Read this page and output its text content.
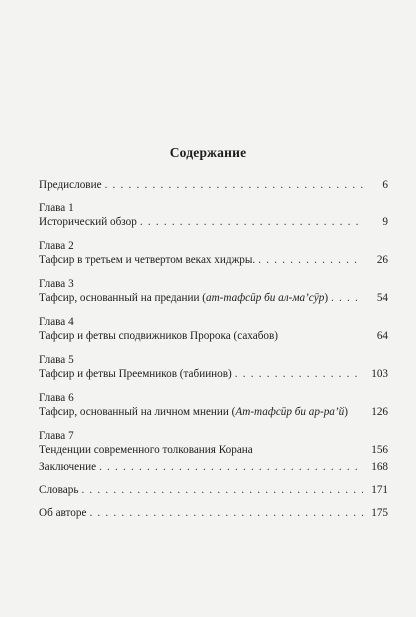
Содержание
Предисловие . . .	6
Глава 1
Исторический обзор . . .	9
Глава 2
Тафсир в третьем и четвертом веках хиджры. . . .	26
Глава 3
Тафсир, основанный на предании (ат-тафсӣр би ал-ма’сӯр) . . .	54
Глава 4
Тафсир и фетвы сподвижников Пророка (сахабов)	64
Глава 5
Тафсир и фетвы Преемников (табиинов) . . .	103
Глава 6
Тафсир, основанный на личном мнении (Ат-тафсӣр би ар-ра’й)	126
Глава 7
Тенденции современного толкования Корана	156
Заключение . . .	168
Словарь . . .	171
Об авторе . . .	175
